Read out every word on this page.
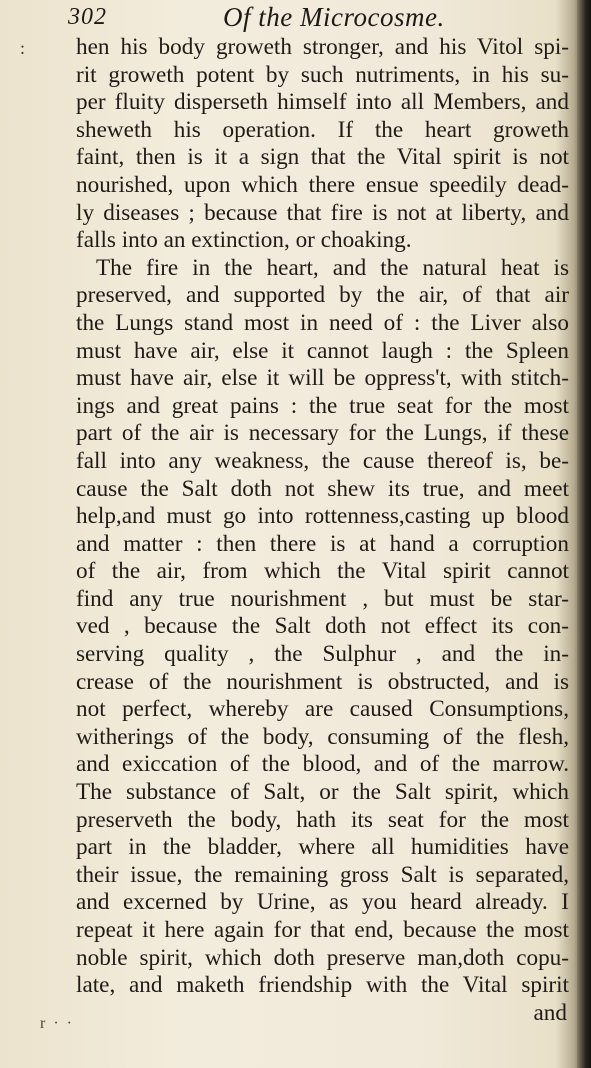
302	Of the Microcosme.
:
r · ·
hen his body groweth stronger, and his Vitol spi-
rit groweth potent by such nutriments, in his su-
per fluity dispersеth himself into all Members, and
sheweth his operation. If the heart groweth
faint, then is it a sign that the Vital spirit is not
nourished, upon which there ensue speedily dead-
ly diseases ; because that fire is not at liberty, and
falls into an extinction, or choaking.
The fire in the heart, and the natural heat is
preserved, and supported by the air, of that air
the Lungs stand most in need of : the Liver also
must have air, else it cannot laugh : the Spleen
must have air, else it will be oppress't, with stitch-
ings and great pains : the true seat for the most
part of the air is necessary for the Lungs, if these
fall into any weakness, the cause thereof is, be-
cause the Salt doth not shew its true, and meet
help,and must go into rottenness,casting up blood
and matter : then there is at hand a corruption
of the air, from which the Vital spirit cannot
find any true nourishment , but must be star-
ved , because the Salt doth not effect its con-
serving quality , the Sulphur , and the in-
crease of the nourishment is obstructed, and is
not perfect, whereby are caused Consumptions,
witherings of the body, consuming of the flesh,
and exiccation of the blood, and of the marrow.
The substance of Salt, or the Salt spirit, which
preserveth the body, hath its seat for the most
part in the bladder, where all humidities have
their issue, the remaining gross Salt is separated,
and excerned by Urine, as you heard already. I
repeat it here again for that end, because the most
noble spirit, which doth preserve man,doth copu-
late, and maketh friendship with the Vital spirit
and
